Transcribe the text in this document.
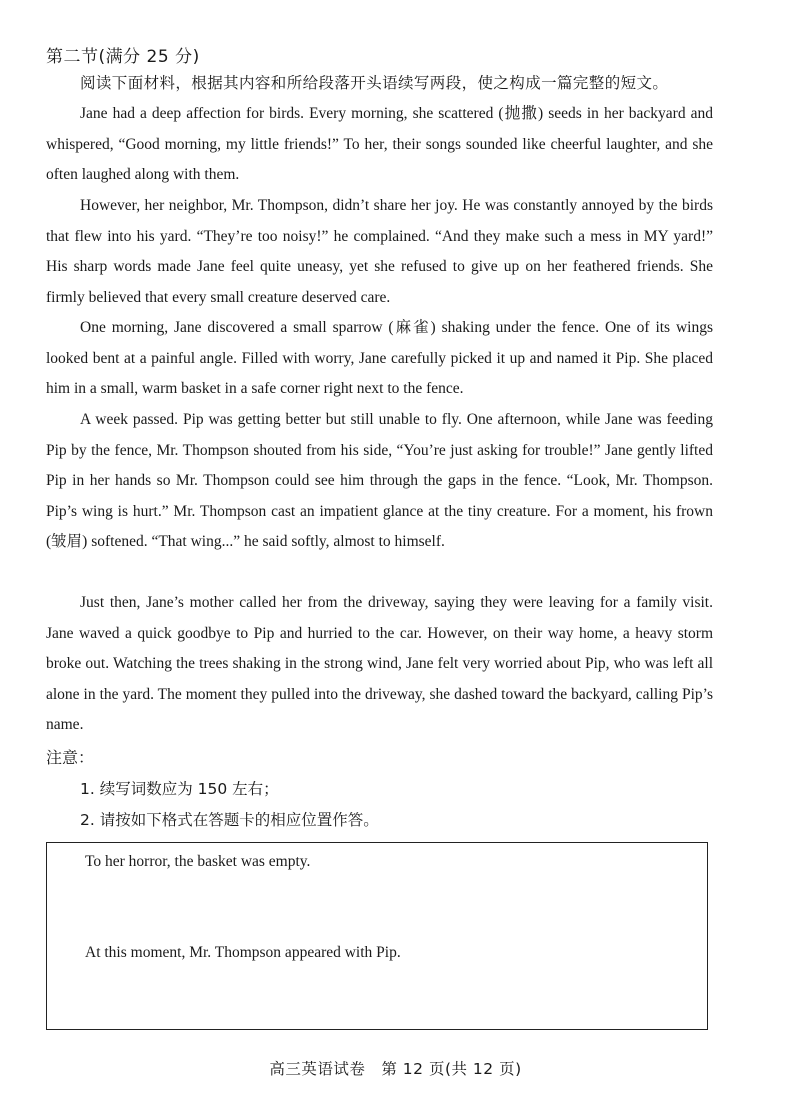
第二节(满分 25 分)

阅读下面材料，根据其内容和所给段落开头语续写两段，使之构成一篇完整的短文。

Jane had a deep affection for birds. Every morning, she scattered (抛撒) seeds in her backyard and whispered, “Good morning, my little friends!” To her, their songs sounded like cheerful laughter, and she often laughed along with them.

However, her neighbor, Mr. Thompson, didn’t share her joy. He was constantly annoyed by the birds that flew into his yard. “They’re too noisy!” he complained. “And they make such a mess in MY yard!” His sharp words made Jane feel quite uneasy, yet she refused to give up on her feathered friends. She firmly believed that every small creature deserved care.

One morning, Jane discovered a small sparrow (麻雀) shaking under the fence. One of its wings looked bent at a painful angle. Filled with worry, Jane carefully picked it up and named it Pip. She placed him in a small, warm basket in a safe corner right next to the fence.

A week passed. Pip was getting better but still unable to fly. One afternoon, while Jane was feeding Pip by the fence, Mr. Thompson shouted from his side, “You’re just asking for trouble!” Jane gently lifted Pip in her hands so Mr. Thompson could see him through the gaps in the fence. “Look, Mr. Thompson. Pip’s wing is hurt.” Mr. Thompson cast an impatient glance at the tiny creature. For a moment, his frown (皱眉) softened. “That wing...” he said softly, almost to himself.

Just then, Jane’s mother called her from the driveway, saying they were leaving for a family visit. Jane waved a quick goodbye to Pip and hurried to the car. However, on their way home, a heavy storm broke out. Watching the trees shaking in the strong wind, Jane felt very worried about Pip, who was left all alone in the yard. The moment they pulled into the driveway, she dashed toward the backyard, calling Pip’s name.

注意：
1. 续写词数应为 150 左右；
2. 请按如下格式在答题卡的相应位置作答。
To her horror, the basket was empty.
At this moment, Mr. Thompson appeared with Pip.
高三英语试卷　第 12 页(共 12 页)
